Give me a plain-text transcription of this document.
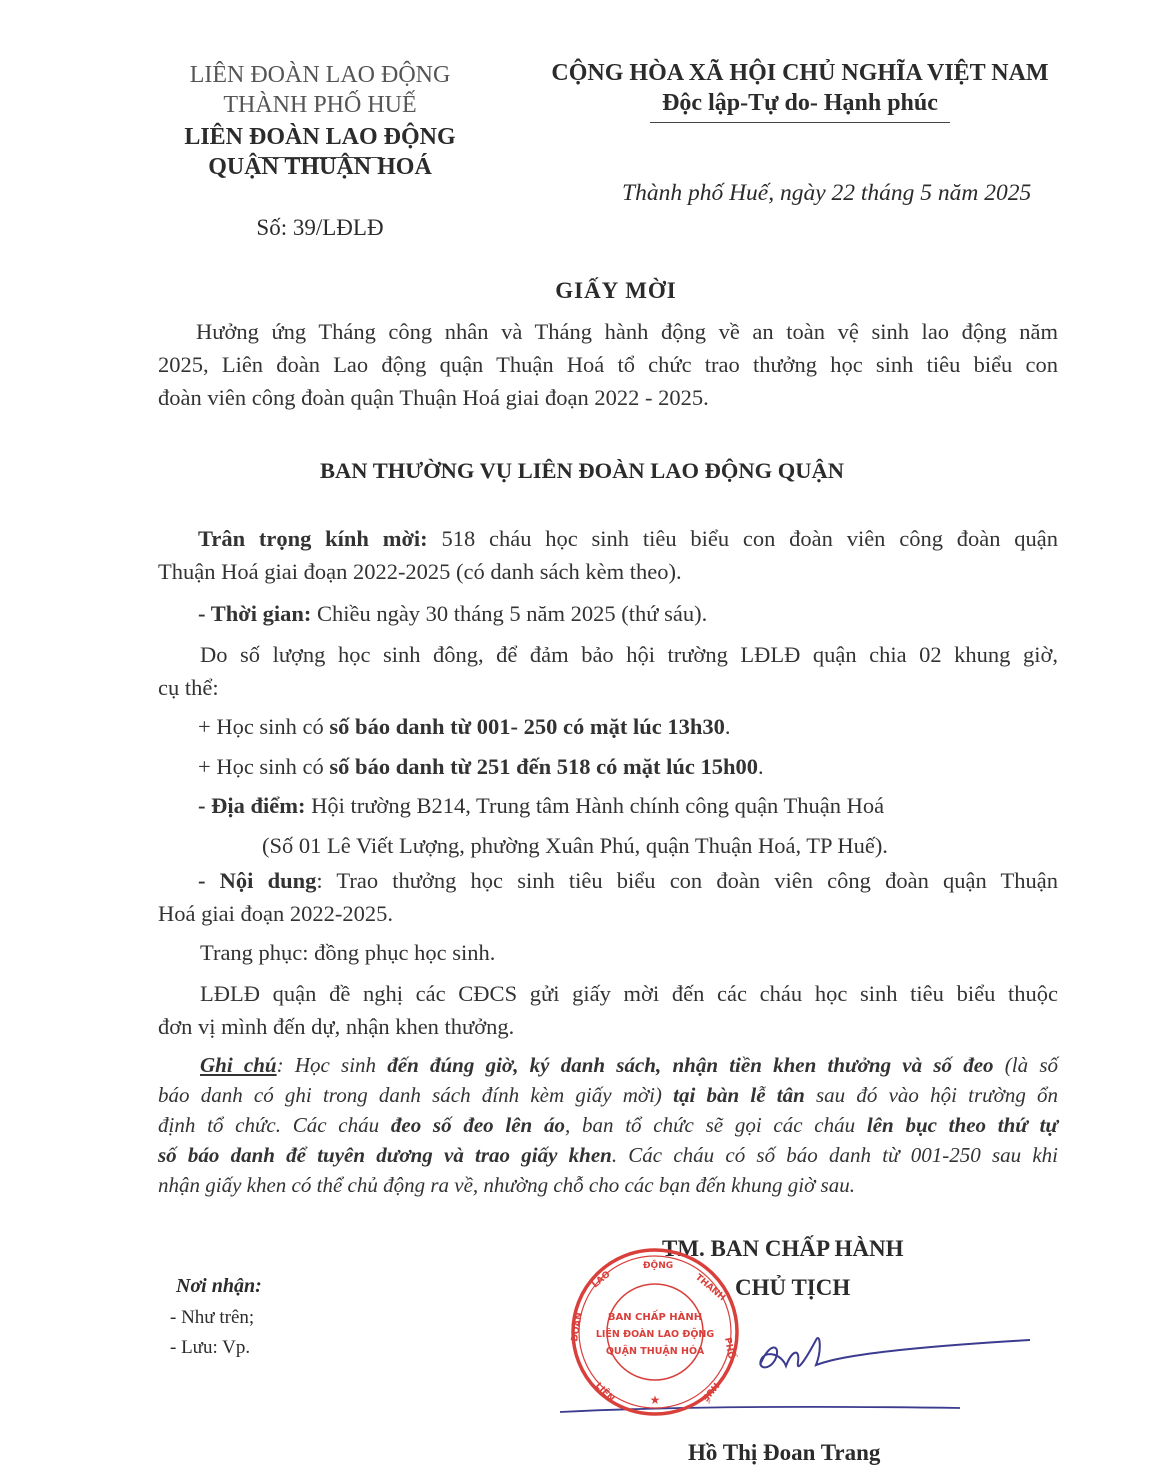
LIÊN ĐOÀN LAO ĐỘNG
THÀNH PHỐ HUẾ
LIÊN ĐOÀN LAO ĐỘNG
QUẬN THUẬN HOÁ
Số: 39/LĐLĐ
CỘNG HÒA XÃ HỘI CHỦ NGHĨA VIỆT NAM
Độc lập-Tự do- Hạnh phúc
Thành phố Huế, ngày 22 tháng 5 năm 2025
GIẤY MỜI
Hưởng ứng Tháng công nhân và Tháng hành động về an toàn vệ sinh lao động năm
2025, Liên đoàn Lao động quận Thuận Hoá tổ chức trao thưởng học sinh tiêu biểu con
đoàn viên công đoàn quận Thuận Hoá giai đoạn 2022 - 2025.
BAN THƯỜNG VỤ LIÊN ĐOÀN LAO ĐỘNG QUẬN
Trân trọng kính mời: 518 cháu học sinh tiêu biểu con đoàn viên công đoàn quận
Thuận Hoá giai đoạn 2022-2025 (có danh sách kèm theo).
- Thời gian: Chiều ngày 30 tháng 5 năm 2025 (thứ sáu).
Do số lượng học sinh đông, để đảm bảo hội trường LĐLĐ quận chia 02 khung giờ,
cụ thể:
+ Học sinh có số báo danh từ 001- 250 có mặt lúc 13h30.
+ Học sinh có số báo danh từ 251 đến 518 có mặt lúc 15h00.
- Địa điểm: Hội trường B214, Trung tâm Hành chính công quận Thuận Hoá
(Số 01 Lê Viết Lượng, phường Xuân Phú, quận Thuận Hoá, TP Huế).
- Nội dung: Trao thưởng học sinh tiêu biểu con đoàn viên công đoàn quận Thuận
Hoá giai đoạn 2022-2025.
Trang phục: đồng phục học sinh.
LĐLĐ quận đề nghị các CĐCS gửi giấy mời đến các cháu học sinh tiêu biểu thuộc
đơn vị mình đến dự, nhận khen thưởng.
Ghi chú: Học sinh đến đúng giờ, ký danh sách, nhận tiền khen thưởng và số đeo (là số
báo danh có ghi trong danh sách đính kèm giấy mời) tại bàn lễ tân sau đó vào hội trường ổn
định tổ chức. Các cháu đeo số đeo lên áo, ban tổ chức sẽ gọi các cháu lên bục theo thứ tự
số báo danh để tuyên dương và trao giấy khen. Các cháu có số báo danh từ 001-250 sau khi
nhận giấy khen có thể chủ động ra về, nhường chỗ cho các bạn đến khung giờ sau.
Nơi nhận:
- Như trên;
- Lưu: Vp.
TM. BAN CHẤP HÀNH
CHỦ TỊCH
Hồ Thị Đoan Trang
ĐỘNG
LAO
ĐOÀN
THÀNH
PHỐ
HUẾ
LIÊN
BAN CHẤP HÀNH
LIÊN ĐOÀN LAO ĐỘNG
QUẬN THUẬN HÓA
★
